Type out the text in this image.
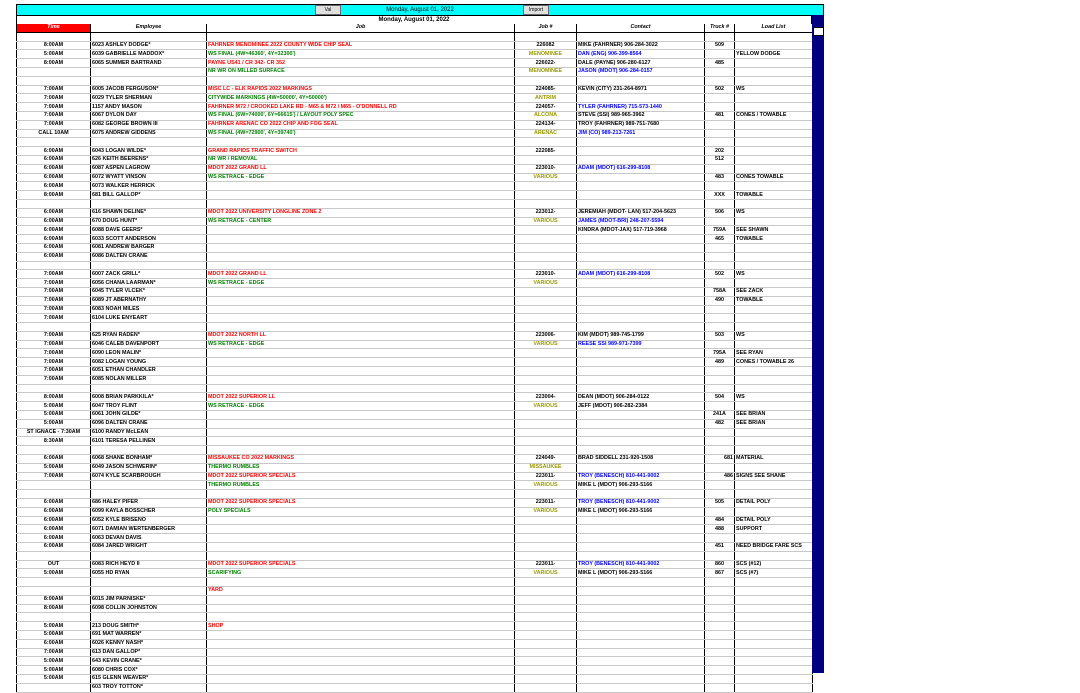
Val	Monday, August 01, 2022	Import
Monday, August 01, 2022
Time	Employee	Job	Job #	Contact	Truck #	Load List

8:00AM	6023 ASHLEY DODGE*	FAHRNER MENOMINEE 2022 COUNTY WIDE CHIP SEAL	226082	MIKE (FAHRNER) 906-284-3022	509	
5:00AM	6039 GABRIELLE MADDOX*	WS FINAL (4W=46360', 4Y=32300')	MENOMINEE	DAN (ENG) 906-399-8564		YELLOW DODGE
8:00AM	6065 SUMMER BARTRAND	PAYNE US41 / CR 342- CR 352	226022-	DALE (PAYNE) 906-280-6127	485	
		NR WR ON MILLED SURFACE	MENOMINEE	JASON (MDOT) 906-284-0157		

7:00AM	6005 JACOB FERGUSON*	MISC LC - ELK RAPIDS 2022 MARKINGS	224085-	KEVIN (CITY) 231-264-8971	502	WS
7:00AM	6029 TYLER SHERMAN	CITYWIDE MARKINGS (4W=50000', 4Y=50000')	ANTRIM			
7:00AM	1157 ANDY MASON	FAHRNER M72 / CROOKED LAKE RD - M65 & M72 / M65 - O'DONNELL RD	224057-	TYLER (FAHRNER) 715-573-1440		
7:00AM	6067 DYLON DAY	WS FINAL (6W=74000', 6Y=66615') / LAYOUT POLY SPEC	ALCONA	STEVE (SSI) 989-965-3962	481	CONES / TOWABLE
7:00AM	6082 GEORGE BROWN III	FAHRNER ARENAC CO 2022 CHIP AND FOG SEAL	224134-	TROY (FAHRNER) 989-751-7680		
CALL 10AM	6075 ANDREW GIDDENS	WS FINAL (4W=72900', 4Y=39740')	ARENAC	JIM (CO) 989-213-7261		

6:00AM	6043 LOGAN WILDE*	GRAND RAPIDS TRAFFIC SWITCH	222085-		202	
6:00AM	626 KEITH BEERENS*	NR WR / REMOVAL			512	
6:00AM	6087 ASPEN LAGROW	MDOT 2022 GRAND LL	223010-	ADAM (MDOT) 616-299-8108		
6:00AM	6072 WYATT VINSON	WS RETRACE - EDGE	VARIOUS		483	CONES TOWABLE
6:00AM	6073 WALKER HERRICK					
8:00AM	681 BILL GALLOP*				XXX	TOWABLE

6:00AM	616 SHAWN DELINE*	MDOT 2022 UNIVERSITY LONGLINE ZONE 2	223012-	JEREMIAH (MDOT- LAN) 517-204-5623	506	WS
6:00AM	670 DOUG HUNT*	WS RETRACE - CENTER	VARIOUS	JAMES (MDOT-BRI) 248-207-5594		
6:00AM	6088 DAVE GEERS*			KINDRA (MDOT-JAX) 517-719-3968	759A	SEE SHAWN
6:00AM	6033 SCOTT ANDERSON				465	TOWABLE
6:00AM	6081 ANDREW BARGER					
6:00AM	6086 DALTEN CRANE					

7:00AM	6007 ZACK GRILL*	MDOT 2022 GRAND LL	223010-	ADAM (MDOT) 616-299-8108	502	WS
7:00AM	6056 CHANA LAARMAN*	WS RETRACE - EDGE	VARIOUS			
7:00AM	6045 TYLER VLCEK*				758A	SEE ZACK
7:00AM	6089 JT ABERNATHY				490	TOWABLE
7:00AM	6083 NOAH MILES					
7:00AM	6104 LUKE ENYEART					

7:00AM	625 RYAN RADEN*	MDOT 2022 NORTH LL	223006-	KIM (MDOT) 989-745-1799	503	WS
7:00AM	6046 CALEB DAVENPORT	WS RETRACE - EDGE	VARIOUS	REESE SSI 989-971-7399		
7:00AM	6090 LEON MALIN*				795A	SEE RYAN
7:00AM	6082 LOGAN YOUNG				489	CONES / TOWABLE 26
7:00AM	6051 ETHAN CHANDLER					
7:00AM	6085 NOLAN MILLER					

8:00AM	6008 BRIAN PARKKILA*	MDOT 2022 SUPERIOR LL	223004-	DEAN (MDOT) 906-284-0122	504	WS
5:00AM	6047 TROY FLINT	WS RETRACE - EDGE	VARIOUS	JEFF (MDOT) 906-282-2384		
5:00AM	6061 JOHN GILDE*				241A	SEE BRIAN
5:00AM	6096 DALTEN CRANE				482	SEE BRIAN
ST IGNACE - 7:30AM	6100 RANDY McLEAN					
8:30AM	6101 TERESA PELLINEN					

6:00AM	6068 SHANE BONHAM*	MISSAUKEE CO 2022 MARKINGS	224049-	BRAD SIDDELL 231-920-1508	681	MATERIAL
5:00AM	6049 JASON SCHWERIN*	THERMO RUMBLES	MISSAUKEE			
7:00AM	6074 KYLE SCARBROUGH	MDOT 2022 SUPERIOR SPECIALS	223011-	TROY (BENESCH) 810-441-9002	486	SIGNS SEE SHANE
		THERMO RUMBLES	VARIOUS	MIKE L (MDOT) 906-293-5166		

6:00AM	686 HALEY PIFER	MDOT 2022 SUPERIOR SPECIALS	223011-	TROY (BENESCH) 810-441-9002	505	DETAIL POLY
6:00AM	6099 KAYLA BOSSCHER	POLY SPECIALS	VARIOUS	MIKE L (MDOT) 906-293-5166		
6:00AM	6052 KYLE BRISENO				484	DETAIL POLY
6:00AM	6071 DAMIAN WERTENBERGER				488	SUPPORT
6:00AM	6063 DEVAN DAVIS					
6:00AM	6084 JARED WRIGHT				451	NEED BRIDGE FARE SCS

OUT	6083 RICH HEYD II	MDOT 2022 SUPERIOR SPECIALS	223011-	TROY (BENESCH) 810-441-9002	860	SCS (#12)
5:00AM	6055 HD RYAN	SCARIFYING	VARIOUS	MIKE L (MDOT) 906-293-5166	867	SCS (#7)

		YARD				
8:00AM	6015 JIM PARNISKE*					
8:00AM	6098 COLLIN JOHNSTON					

5:00AM	213 DOUG SMITH*	SHOP				
5:00AM	691 MAT WARREN*					
6:00AM	6026 KENNY NASH*					
7:00AM	613 DAN GALLOP*					
5:00AM	643 KEVIN CRANE*					
5:00AM	6080 CHRIS COX*					
5:00AM	615 GLENN WEAVER*					
	603 TROY TOTTON*					
